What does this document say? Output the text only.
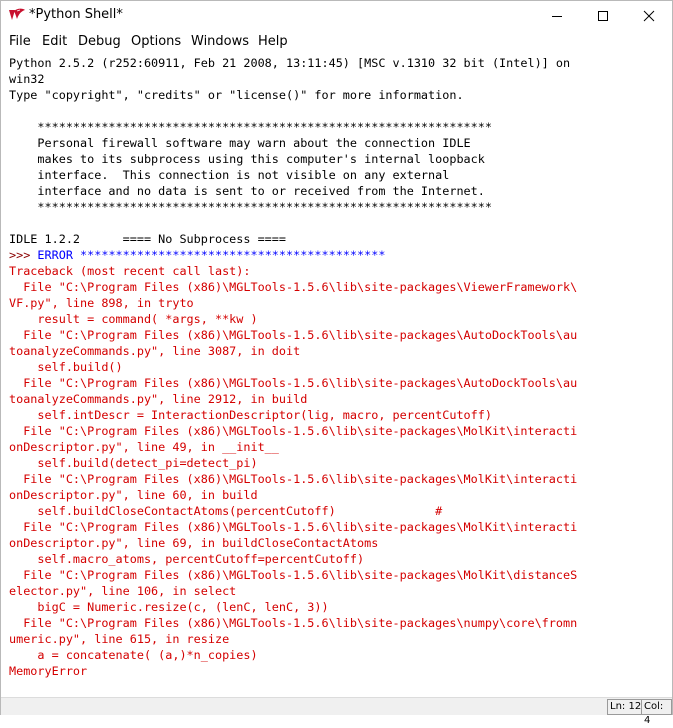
*Python Shell*
File Edit Debug Options Windows Help
Python 2.5.2 (r252:60911, Feb 21 2008, 13:11:45) [MSC v.1310 32 bit (Intel)] on
win32
Type "copyright", "credits" or "license()" for more information.
****************************************************************
Personal firewall software may warn about the connection IDLE
makes to its subprocess using this computer's internal loopback
interface.  This connection is not visible on any external
interface and no data is sent to or received from the Internet.
****************************************************************
IDLE 1.2.2      ==== No Subprocess ====
>>> ERROR *******************************************
Traceback (most recent call last):
File "C:\Program Files (x86)\MGLTools-1.5.6\lib\site-packages\ViewerFramework\
VF.py", line 898, in tryto
result = command( *args, **kw )
File "C:\Program Files (x86)\MGLTools-1.5.6\lib\site-packages\AutoDockTools\au
toanalyzeCommands.py", line 3087, in doit
self.build()
File "C:\Program Files (x86)\MGLTools-1.5.6\lib\site-packages\AutoDockTools\au
toanalyzeCommands.py", line 2912, in build
self.intDescr = InteractionDescriptor(lig, macro, percentCutoff)
File "C:\Program Files (x86)\MGLTools-1.5.6\lib\site-packages\MolKit\interacti
onDescriptor.py", line 49, in __init__
self.build(detect_pi=detect_pi)
File "C:\Program Files (x86)\MGLTools-1.5.6\lib\site-packages\MolKit\interacti
onDescriptor.py", line 60, in build
self.buildCloseContactAtoms(percentCutoff)              #
File "C:\Program Files (x86)\MGLTools-1.5.6\lib\site-packages\MolKit\interacti
onDescriptor.py", line 69, in buildCloseContactAtoms
self.macro_atoms, percentCutoff=percentCutoff)
File "C:\Program Files (x86)\MGLTools-1.5.6\lib\site-packages\MolKit\distanceS
elector.py", line 106, in select
bigC = Numeric.resize(c, (lenC, lenC, 3))
File "C:\Program Files (x86)\MGLTools-1.5.6\lib\site-packages\numpy\core\fromn
umeric.py", line 615, in resize
a = concatenate( (a,)*n_copies)
MemoryError
Ln: 12 Col: 4
